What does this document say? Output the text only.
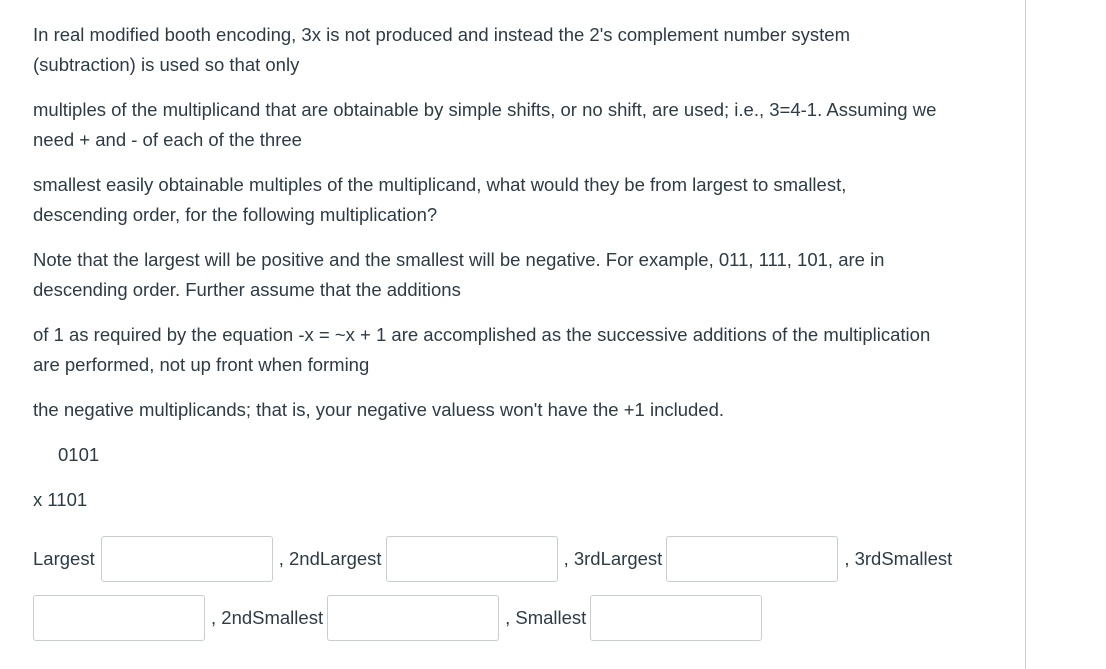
In real modified booth encoding, 3x is not produced and instead the 2's complement number system
(subtraction) is used so that only

multiples of the multiplicand that are obtainable by simple shifts, or no shift, are used; i.e., 3=4-1. Assuming we
need + and - of each of the three

smallest easily obtainable multiples of the multiplicand, what would they be from largest to smallest,
descending order, for the following multiplication?

Note that the largest will be positive and the smallest will be negative. For example, 011, 111, 101, are in
descending order. Further assume that the additions

of 1 as required by the equation -x = ~x + 1 are accomplished as the successive additions of the multiplication
are performed, not up front when forming

the negative multiplicands; that is, your negative valuess won't have the +1 included.

0101

x 1101

Largest	, 2ndLargest	, 3rdLargest	, 3rdSmallest
, 2ndSmallest	, Smallest
